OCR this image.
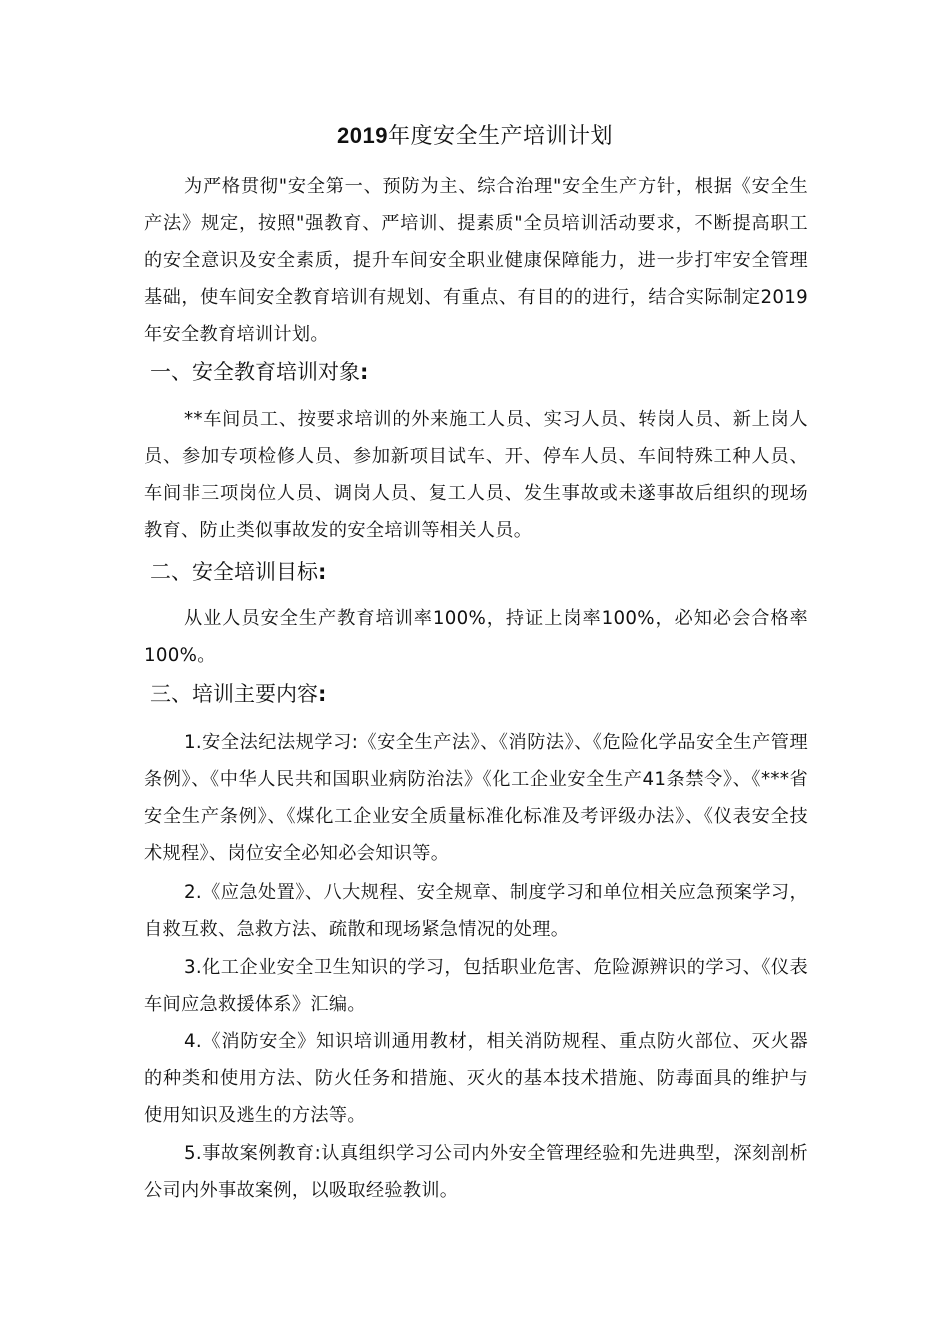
2019年度安全生产培训计划

为严格贯彻"安全第一、预防为主、综合治理"安全生产方针，根据《安全生产法》规定，按照"强教育、严培训、提素质"全员培训活动要求，不断提高职工的安全意识及安全素质，提升车间安全职业健康保障能力，进一步打牢安全管理基础，使车间安全教育培训有规划、有重点、有目的的进行，结合实际制定2019年安全教育培训计划。

一、安全教育培训对象:

**车间员工、按要求培训的外来施工人员、实习人员、转岗人员、新上岗人员、参加专项检修人员、参加新项目试车、开、停车人员、车间特殊工种人员、车间非三项岗位人员、调岗人员、复工人员、发生事故或未遂事故后组织的现场教育、防止类似事故发的安全培训等相关人员。

二、安全培训目标:

从业人员安全生产教育培训率100%，持证上岗率100%，必知必会合格率100%。

三、培训主要内容:

1.安全法纪法规学习:《安全生产法》、《消防法》、《危险化学品安全生产管理条例》、《中华人民共和国职业病防治法》《化工企业安全生产41条禁令》、《***省安全生产条例》、《煤化工企业安全质量标准化标准及考评级办法》、《仪表安全技术规程》、岗位安全必知必会知识等。

2.《应急处置》、八大规程、安全规章、制度学习和单位相关应急预案学习，自救互救、急救方法、疏散和现场紧急情况的处理。

3.化工企业安全卫生知识的学习，包括职业危害、危险源辨识的学习、《仪表车间应急救援体系》汇编。

4.《消防安全》知识培训通用教材，相关消防规程、重点防火部位、灭火器的种类和使用方法、防火任务和措施、灭火的基本技术措施、防毒面具的维护与使用知识及逃生的方法等。

5.事故案例教育:认真组织学习公司内外安全管理经验和先进典型，深刻剖析公司内外事故案例，以吸取经验教训。
